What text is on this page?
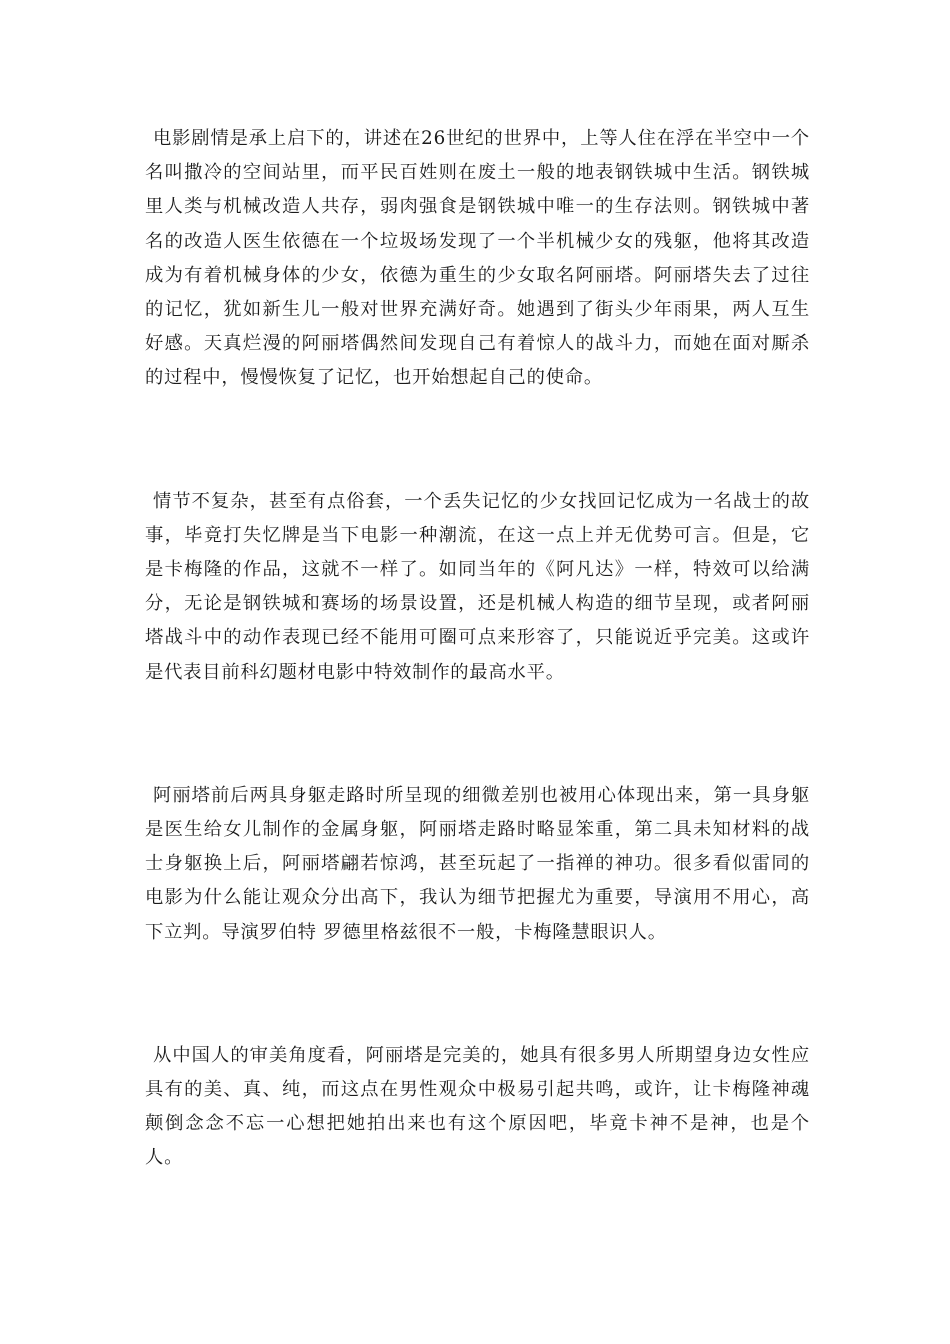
电影剧情是承上启下的，讲述在26世纪的世界中，上等人住在浮在半空中一个名叫撒冷的空间站里，而平民百姓则在废土一般的地表钢铁城中生活。钢铁城里人类与机械改造人共存，弱肉强食是钢铁城中唯一的生存法则。钢铁城中著名的改造人医生依德在一个垃圾场发现了一个半机械少女的残躯，他将其改造成为有着机械身体的少女，依德为重生的少女取名阿丽塔。阿丽塔失去了过往的记忆，犹如新生儿一般对世界充满好奇。她遇到了街头少年雨果，两人互生好感。天真烂漫的阿丽塔偶然间发现自己有着惊人的战斗力，而她在面对厮杀的过程中，慢慢恢复了记忆，也开始想起自己的使命。

情节不复杂，甚至有点俗套，一个丢失记忆的少女找回记忆成为一名战士的故事，毕竟打失忆牌是当下电影一种潮流，在这一点上并无优势可言。但是，它是卡梅隆的作品，这就不一样了。如同当年的《阿凡达》一样，特效可以给满分，无论是钢铁城和赛场的场景设置，还是机械人构造的细节呈现，或者阿丽塔战斗中的动作表现已经不能用可圈可点来形容了，只能说近乎完美。这或许是代表目前科幻题材电影中特效制作的最高水平。

阿丽塔前后两具身躯走路时所呈现的细微差别也被用心体现出来，第一具身躯是医生给女儿制作的金属身躯，阿丽塔走路时略显笨重，第二具未知材料的战士身躯换上后，阿丽塔翩若惊鸿，甚至玩起了一指禅的神功。很多看似雷同的电影为什么能让观众分出高下，我认为细节把握尤为重要，导演用不用心，高下立判。导演罗伯特 罗德里格兹很不一般，卡梅隆慧眼识人。

从中国人的审美角度看，阿丽塔是完美的，她具有很多男人所期望身边女性应具有的美、真、纯，而这点在男性观众中极易引起共鸣，或许，让卡梅隆神魂颠倒念念不忘一心想把她拍出来也有这个原因吧，毕竟卡神不是神，也是个人。
